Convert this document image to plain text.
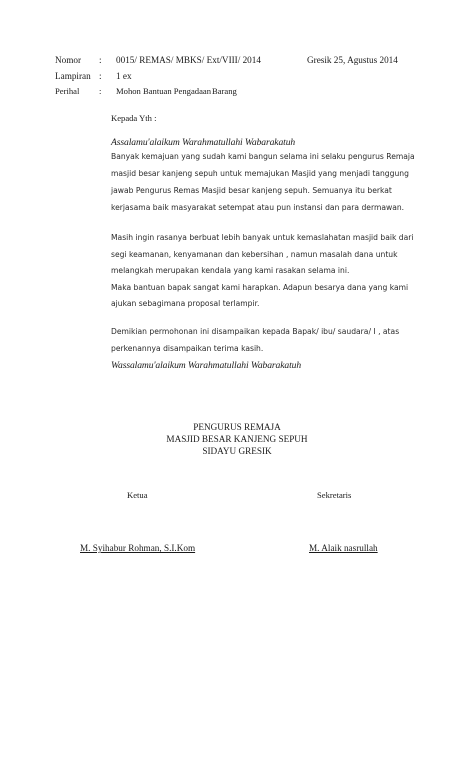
Nomor : 0015/ REMAS/ MBKS/ Ext/VIII/ 2014	Gresik 25, Agustus 2014
Lampiran : 1 ex
Perihal : Mohon Bantuan Pengadaan Barang
Kepada Yth :
Assalamu'alaikum Warahmatullahi Wabarakatuh
Banyak kemajuan yang sudah kami bangun selama ini selaku pengurus Remaja
masjid besar kanjeng sepuh untuk memajukan Masjid yang menjadi tanggung
jawab Pengurus Remas Masjid besar kanjeng sepuh. Semuanya itu berkat
kerjasama baik masyarakat setempat atau pun instansi dan para dermawan.
Masih ingin rasanya berbuat lebih banyak untuk kemaslahatan masjid baik dari
segi keamanan, kenyamanan dan kebersihan , namun masalah dana untuk
melangkah merupakan kendala yang kami rasakan selama ini.
Maka bantuan bapak sangat kami harapkan. Adapun besarya dana yang kami
ajukan sebagimana proposal terlampir.
Demikian permohonan ini disampaikan kepada Bapak/ ibu/ saudara/ I , atas
perkenannya disampaikan terima kasih.
Wassalamu'alaikum Warahmatullahi Wabarakatuh
PENGURUS REMAJA
MASJID BESAR KANJENG SEPUH
SIDAYU GRESIK
Ketua	Sekretaris
M. Syihabur Rohman, S.I.Kom	M. Alaik nasrullah
